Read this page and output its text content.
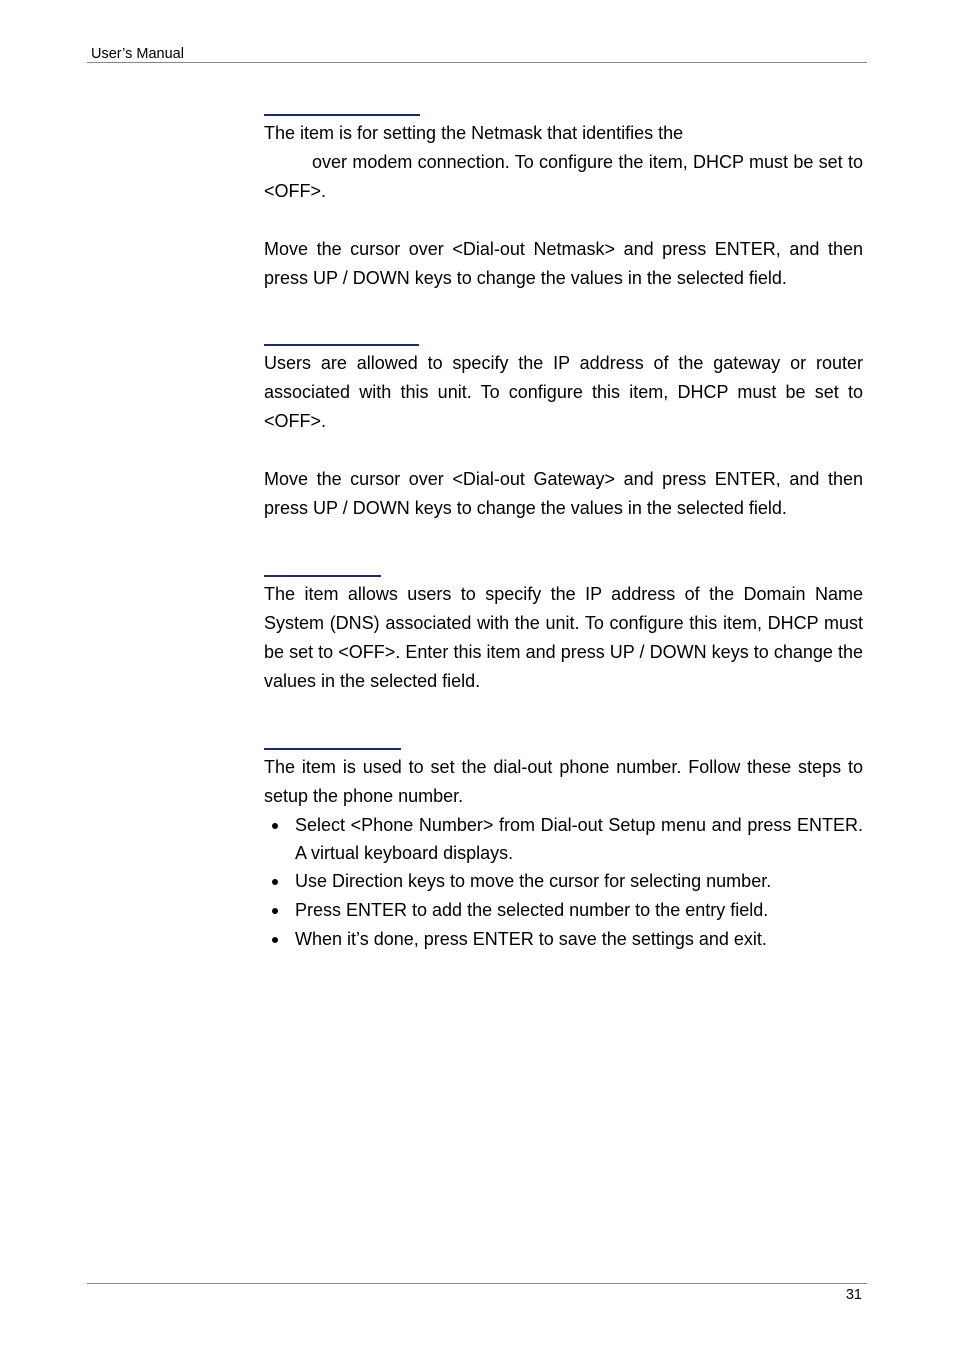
User’s Manual

The item is for setting the Netmask that identifies the

over modem connection. To configure the item, DHCP must be set to <OFF>.

Move the cursor over <Dial-out Netmask> and press ENTER, and then press UP / DOWN keys to change the values in the selected field.

Users are allowed to specify the IP address of the gateway or router associated with this unit. To configure this item, DHCP must be set to <OFF>.

Move the cursor over <Dial-out Gateway> and press ENTER, and then press UP / DOWN keys to change the values in the selected field.

The item allows users to specify the IP address of the Domain Name System (DNS) associated with the unit. To configure this item, DHCP must be set to <OFF>. Enter this item and press UP / DOWN keys to change the values in the selected field.

The item is used to set the dial-out phone number. Follow these steps to setup the phone number.

Select <Phone Number> from Dial-out Setup menu and press ENTER. A virtual keyboard displays.
Use Direction keys to move the cursor for selecting number.
Press ENTER to add the selected number to the entry field.
When it’s done, press ENTER to save the settings and exit.
31
